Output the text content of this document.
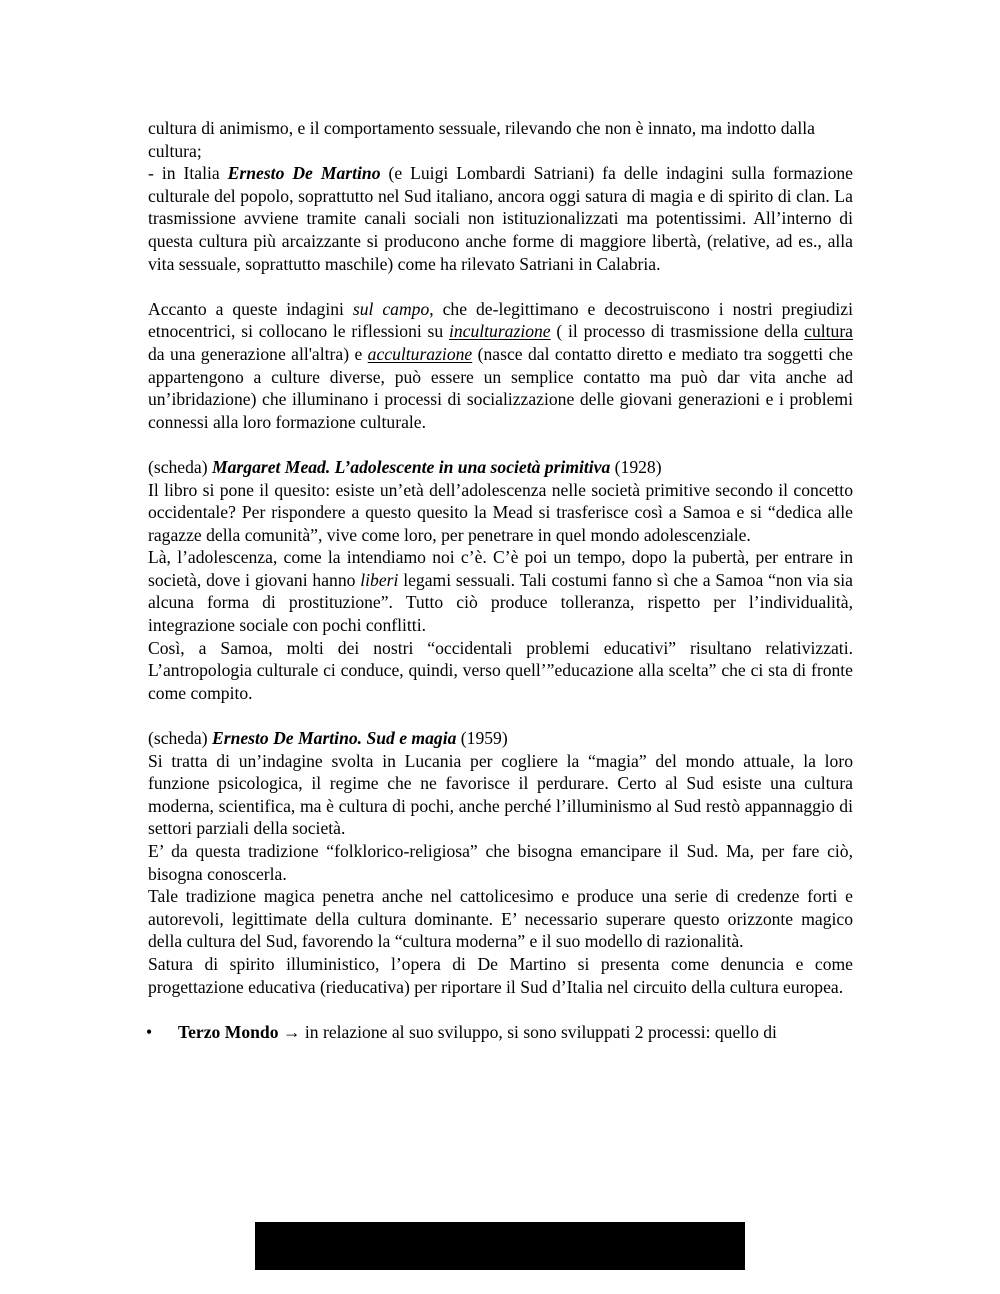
cultura di animismo, e il comportamento sessuale, rilevando che non è innato, ma indotto dalla cultura;

- in Italia Ernesto De Martino (e Luigi Lombardi Satriani) fa delle indagini sulla formazione culturale del popolo, soprattutto nel Sud italiano, ancora oggi satura di magia e di spirito di clan. La trasmissione avviene tramite canali sociali non istituzionalizzati ma potentissimi. All’interno di questa cultura più arcaizzante si producono anche forme di maggiore libertà, (relative, ad es., alla vita sessuale, soprattutto maschile) come ha rilevato Satriani in Calabria.

Accanto a queste indagini sul campo, che de-legittimano e decostruiscono i nostri pregiudizi etnocentrici, si collocano le riflessioni su inculturazione ( il processo di trasmissione della cultura da una generazione all'altra) e acculturazione (nasce dal contatto diretto e mediato tra soggetti che appartengono a culture diverse, può essere un semplice contatto ma può dar vita anche ad un’ibridazione) che illuminano i processi di socializzazione delle giovani generazioni e i problemi connessi alla loro formazione culturale.

(scheda) Margaret Mead. L’adolescente in una società primitiva (1928)

Il libro si pone il quesito: esiste un’età dell’adolescenza nelle società primitive secondo il concetto occidentale? Per rispondere a questo quesito la Mead si trasferisce così a Samoa e si “dedica alle ragazze della comunità”, vive come loro, per penetrare in quel mondo adolescenziale.

Là, l’adolescenza, come la intendiamo noi c’è. C’è poi un tempo, dopo la pubertà, per entrare in società, dove i giovani hanno liberi legami sessuali. Tali costumi fanno sì che a Samoa “non via sia alcuna forma di prostituzione”. Tutto ciò produce tolleranza, rispetto per l’individualità, integrazione sociale con pochi conflitti.

Così, a Samoa, molti dei nostri “occidentali problemi educativi” risultano relativizzati. L’antropologia culturale ci conduce, quindi, verso quell’”educazione alla scelta” che ci sta di fronte come compito.

(scheda) Ernesto De Martino. Sud e magia (1959)

Si tratta di un’indagine svolta in Lucania per cogliere la “magia” del mondo attuale, la loro funzione psicologica, il regime che ne favorisce il perdurare. Certo al Sud esiste una cultura moderna, scientifica, ma è cultura di pochi, anche perché l’illuminismo al Sud restò appannaggio di settori parziali della società.

E’ da questa tradizione “folklorico-religiosa” che bisogna emancipare il Sud. Ma, per fare ciò, bisogna conoscerla.

Tale tradizione magica penetra anche nel cattolicesimo e produce una serie di credenze forti e autorevoli, legittimate della cultura dominante. E’ necessario superare questo orizzonte magico della cultura del Sud, favorendo la “cultura moderna” e il suo modello di razionalità.

Satura di spirito illuministico, l’opera di De Martino si presenta come denuncia e come progettazione educativa (rieducativa) per riportare il Sud d’Italia nel circuito della cultura europea.

• Terzo Mondo → in relazione al suo sviluppo, si sono sviluppati 2 processi: quello di
